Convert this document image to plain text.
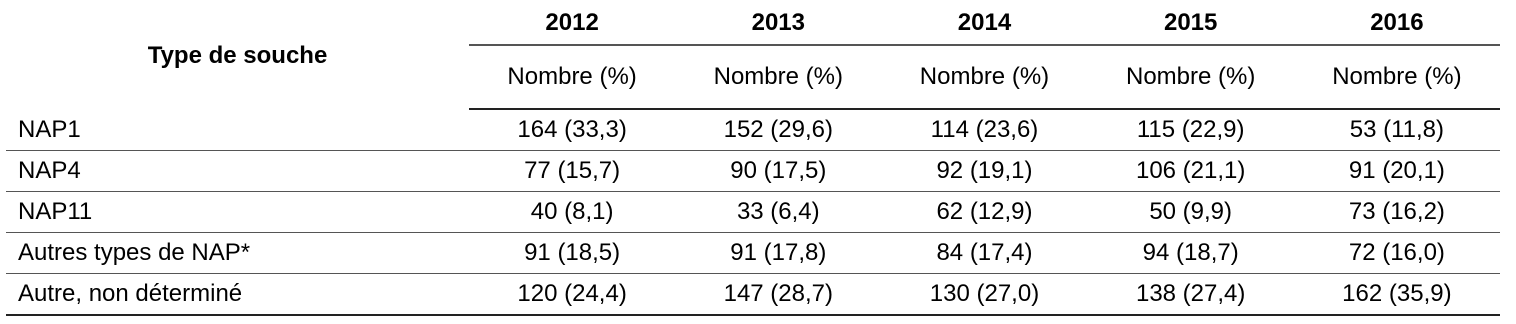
Type de souche	2012	2013	2014	2015	2016
	Nombre (%)	Nombre (%)	Nombre (%)	Nombre (%)	Nombre (%)
NAP1	164 (33,3)	152 (29,6)	114 (23,6)	115 (22,9)	53 (11,8)
NAP4	77 (15,7)	90 (17,5)	92 (19,1)	106 (21,1)	91 (20,1)
NAP11	40 (8,1)	33 (6,4)	62 (12,9)	50 (9,9)	73 (16,2)
Autres types de NAP*	91 (18,5)	91 (17,8)	84 (17,4)	94 (18,7)	72 (16,0)
Autre, non déterminé	120 (24,4)	147 (28,7)	130 (27,0)	138 (27,4)	162 (35,9)
